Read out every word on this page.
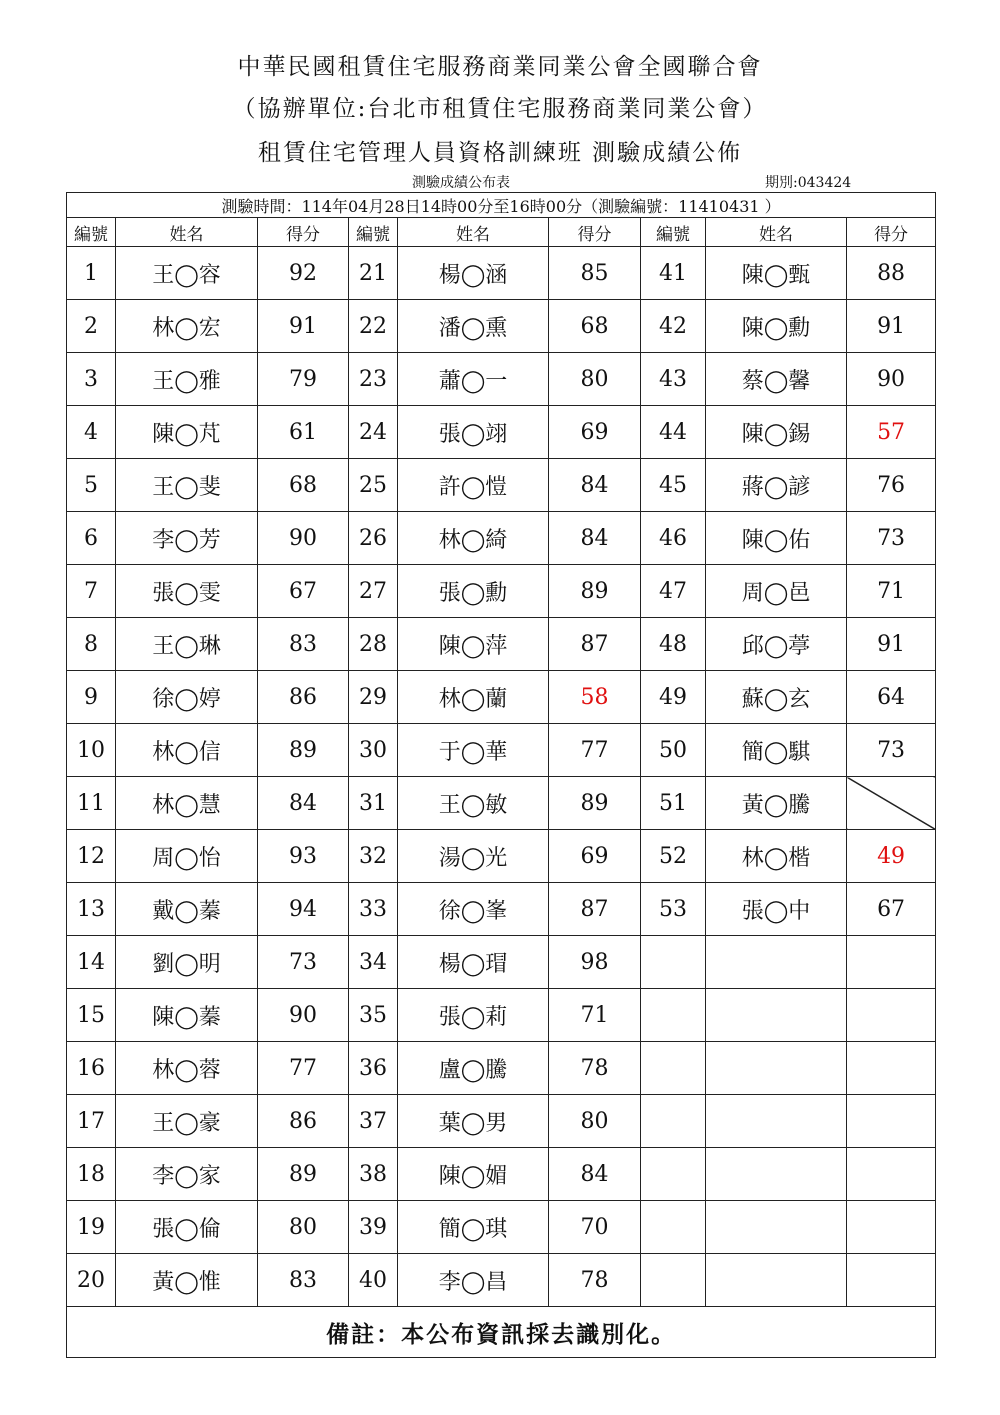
中華民國租賃住宅服務商業同業公會全國聯合會
（協辦單位:台北市租賃住宅服務商業同業公會）
租賃住宅管理人員資格訓練班 測驗成績公佈
測驗成績公布表	期別:043424
測驗時間：114年04月28日14時00分至16時00分（測驗編號：11410431 ）								
編號	姓名	得分	編號	姓名	得分	編號	姓名	得分
1	王◯容	92	21	楊◯涵	85	41	陳◯甄	88
2	林◯宏	91	22	潘◯熏	68	42	陳◯勳	91
3	王◯雅	79	23	蕭◯一	80	43	蔡◯馨	90
4	陳◯芃	61	24	張◯翊	69	44	陳◯錫	57
5	王◯斐	68	25	許◯愷	84	45	蔣◯諺	76
6	李◯芳	90	26	林◯綺	84	46	陳◯佑	73
7	張◯雯	67	27	張◯勳	89	47	周◯邑	71
8	王◯琳	83	28	陳◯萍	87	48	邱◯葶	91
9	徐◯婷	86	29	林◯蘭	58	49	蘇◯玄	64
10	林◯信	89	30	于◯華	77	50	簡◯騏	73
11	林◯慧	84	31	王◯敏	89	51	黃◯騰	
12	周◯怡	93	32	湯◯光	69	52	林◯楷	49
13	戴◯蓁	94	33	徐◯峯	87	53	張◯中	67
14	劉◯明	73	34	楊◯瑁	98			
15	陳◯蓁	90	35	張◯莉	71			
16	林◯蓉	77	36	盧◯騰	78			
17	王◯豪	86	37	葉◯男	80			
18	李◯家	89	38	陳◯媚	84			
19	張◯倫	80	39	簡◯琪	70			
20	黃◯惟	83	40	李◯昌	78			
備註：本公布資訊採去識別化。								
